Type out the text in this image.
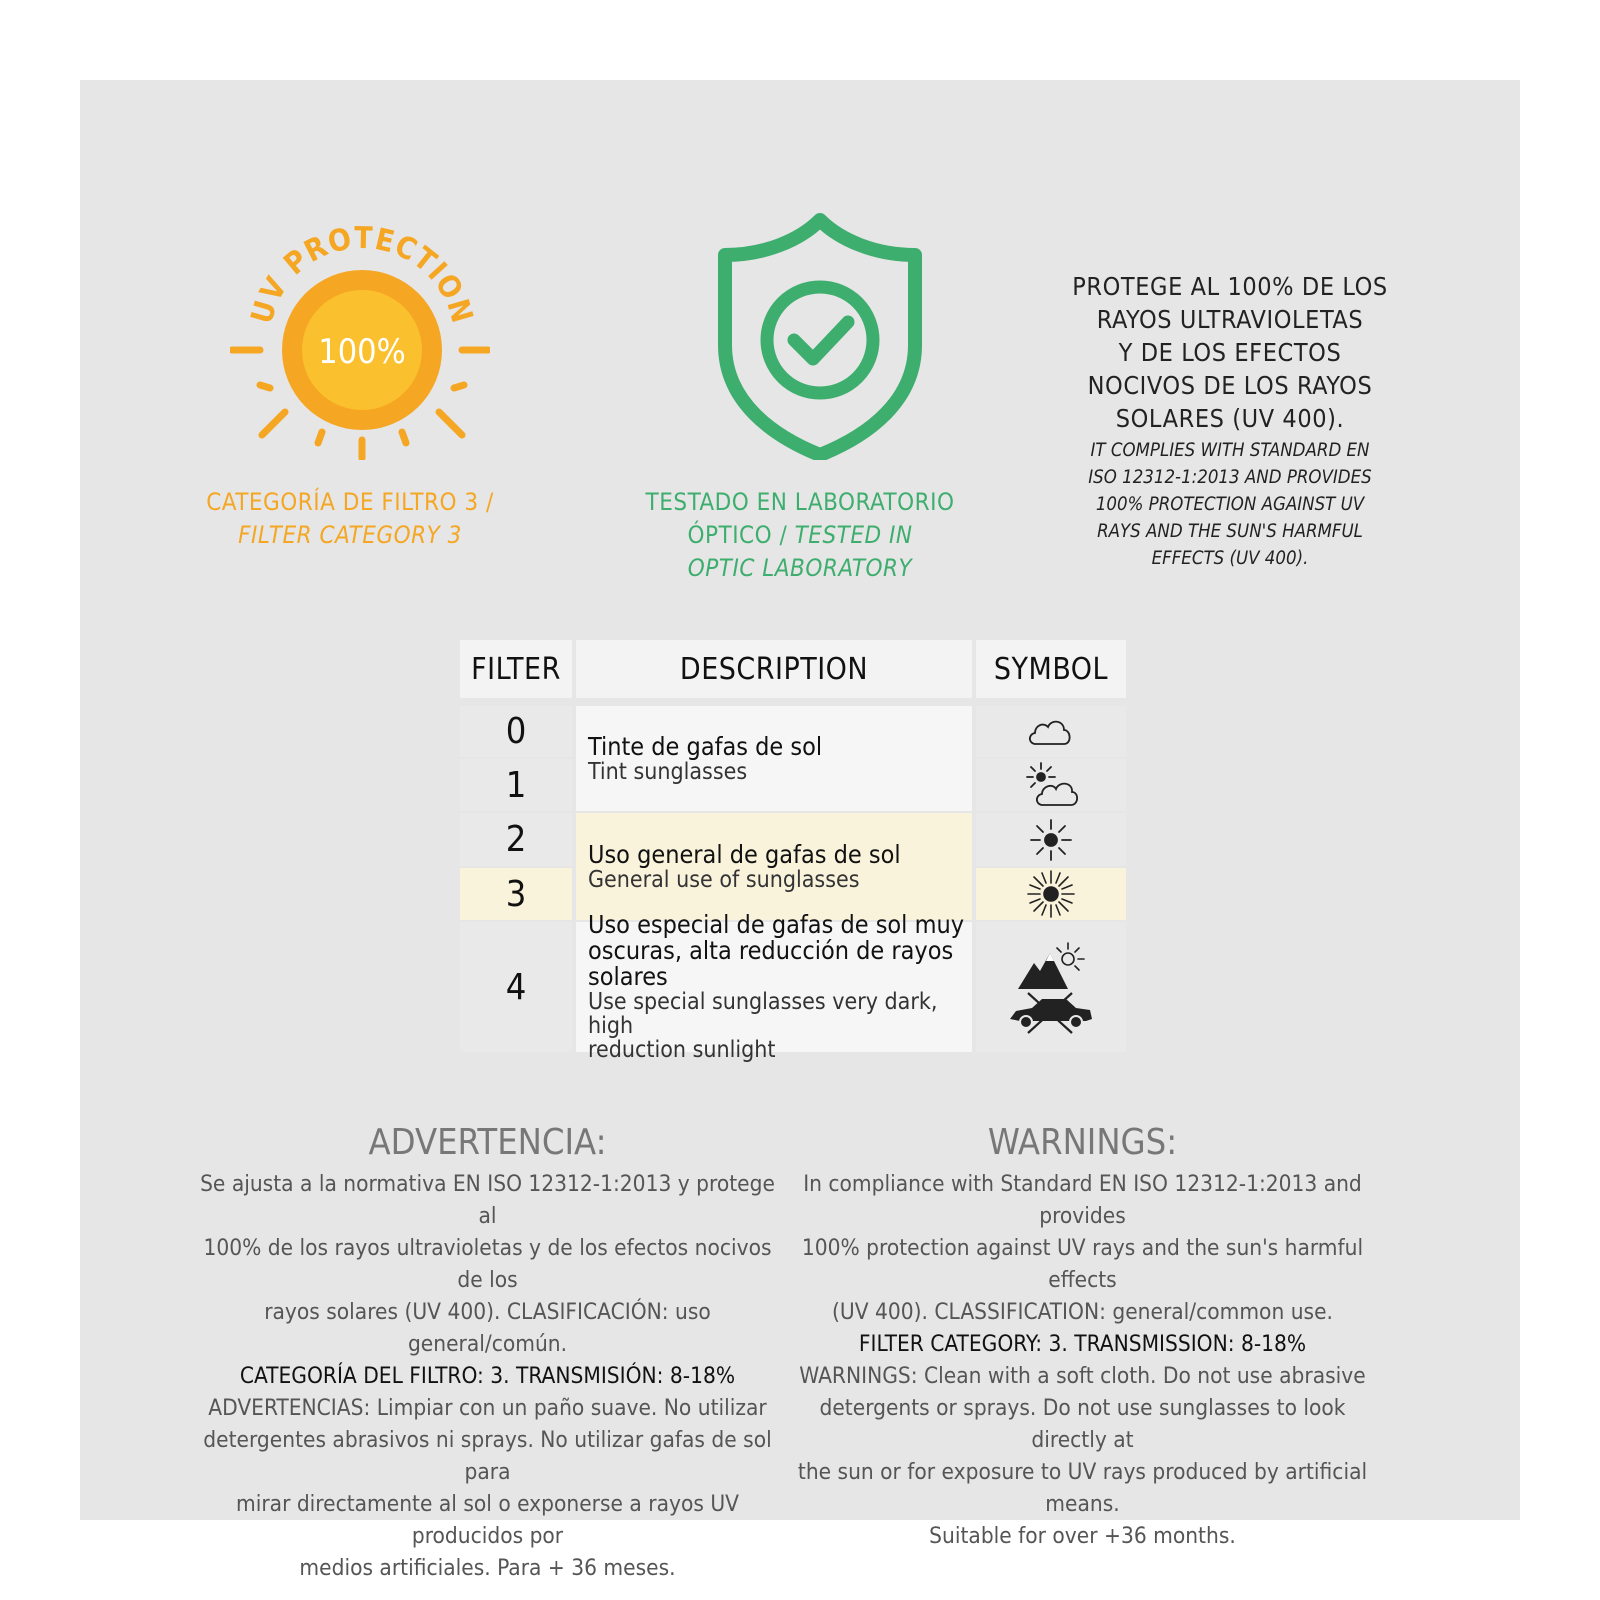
UV PROTECTION
100%
CATEGORÍA DE FILTRO 3 /
FILTER CATEGORY 3
TESTADO EN LABORATORIO
ÓPTICO / TESTED IN
OPTIC LABORATORY
PROTEGE AL 100% DE LOS
RAYOS ULTRAVIOLETAS
Y DE LOS EFECTOS
NOCIVOS DE LOS RAYOS
SOLARES (UV 400).
IT COMPLIES WITH STANDARD EN
ISO 12312-1:2013 AND PROVIDES
100% PROTECTION AGAINST UV
RAYS AND THE SUN'S HARMFUL
EFFECTS (UV 400).
FILTER	DESCRIPTION	SYMBOL
0
1
2
3
4
Tinte de gafas de sol
Tint sunglasses
Uso general de gafas de sol
General use of sunglasses
Uso especial de gafas de sol muy
oscuras, alta reducción de rayos solares
Use special sunglasses very dark, high
reduction sunlight
ADVERTENCIA:
Se ajusta a la normativa EN ISO 12312-1:2013 y protege al
100% de los rayos ultravioletas y de los efectos nocivos de los
rayos solares (UV 400). CLASIFICACIÓN: uso general/común.
CATEGORÍA DEL FILTRO: 3. TRANSMISIÓN: 8-18%
ADVERTENCIAS: Limpiar con un paño suave. No utilizar
detergentes abrasivos ni sprays. No utilizar gafas de sol para
mirar directamente al sol o exponerse a rayos UV producidos por
medios artificiales. Para + 36 meses.
WARNINGS:
In compliance with Standard EN ISO 12312-1:2013 and provides
100% protection against UV rays and the sun's harmful effects
(UV 400). CLASSIFICATION: general/common use.
FILTER CATEGORY: 3. TRANSMISSION: 8-18%
WARNINGS: Clean with a soft cloth. Do not use abrasive
detergents or sprays. Do not use sunglasses to look directly at
the sun or for exposure to UV rays produced by artificial means.
Suitable for over +36 months.
